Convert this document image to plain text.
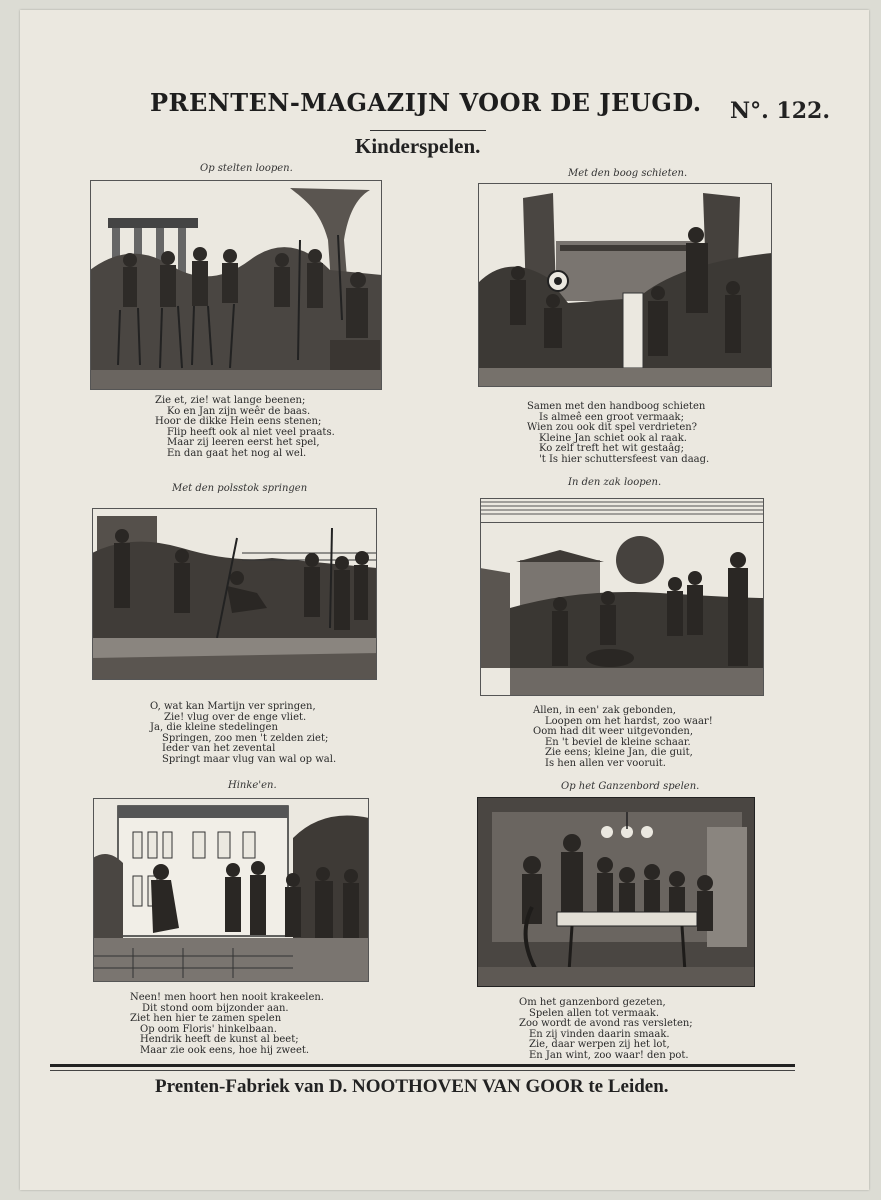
PRENTEN-MAGAZIJN VOOR DE JEUGD. N°. 122.
Kinderspelen.
Op stelten loopen.
Zie et, zie! wat lange beenen;
Ko en Jan zijn weêr de baas.
Hoor de dikke Hein eens stenen;
Flip heeft ook al niet veel praats.
Maar zij leeren eerst het spel,
En dan gaat het nog al wel.
Met den boog schieten.
Samen met den handboog schieten
Is almeê een groot vermaak;
Wien zou ook dit spel verdrieten?
Kleine Jan schiet ook al raak.
Ko zelf treft het wit gestaâg;
't Is hier schuttersfeest van daag.
Met den polsstok springen
O, wat kan Martijn ver springen,
Zie! vlug over de enge vliet.
Ja, die kleine stedelingen
Springen, zoo men 't zelden ziet;
Ieder van het zevental
Springt maar vlug van wal op wal.
In den zak loopen.
Allen, in een' zak gebonden,
Loopen om het hardst, zoo waar!
Oom had dit weer uitgevonden,
En 't beviel de kleine schaar.
Zie eens; kleine Jan, die guit,
Is hen allen ver vooruit.
Hinke'en.
Neen! men hoort hen nooit krakeelen.
Dit stond oom bijzonder aan.
Ziet hen hier te zamen spelen
Op oom Floris' hinkelbaan.
Hendrik heeft de kunst al beet;
Maar zie ook eens, hoe hij zweet.
Op het Ganzenbord spelen.
Om het ganzenbord gezeten,
Spelen allen tot vermaak.
Zoo wordt de avond ras versleten;
En zij vinden daarin smaak.
Zie, daar werpen zij het lot,
En Jan wint, zoo waar! den pot.
Prenten-Fabriek van D. NOOTHOVEN VAN GOOR te Leiden.
